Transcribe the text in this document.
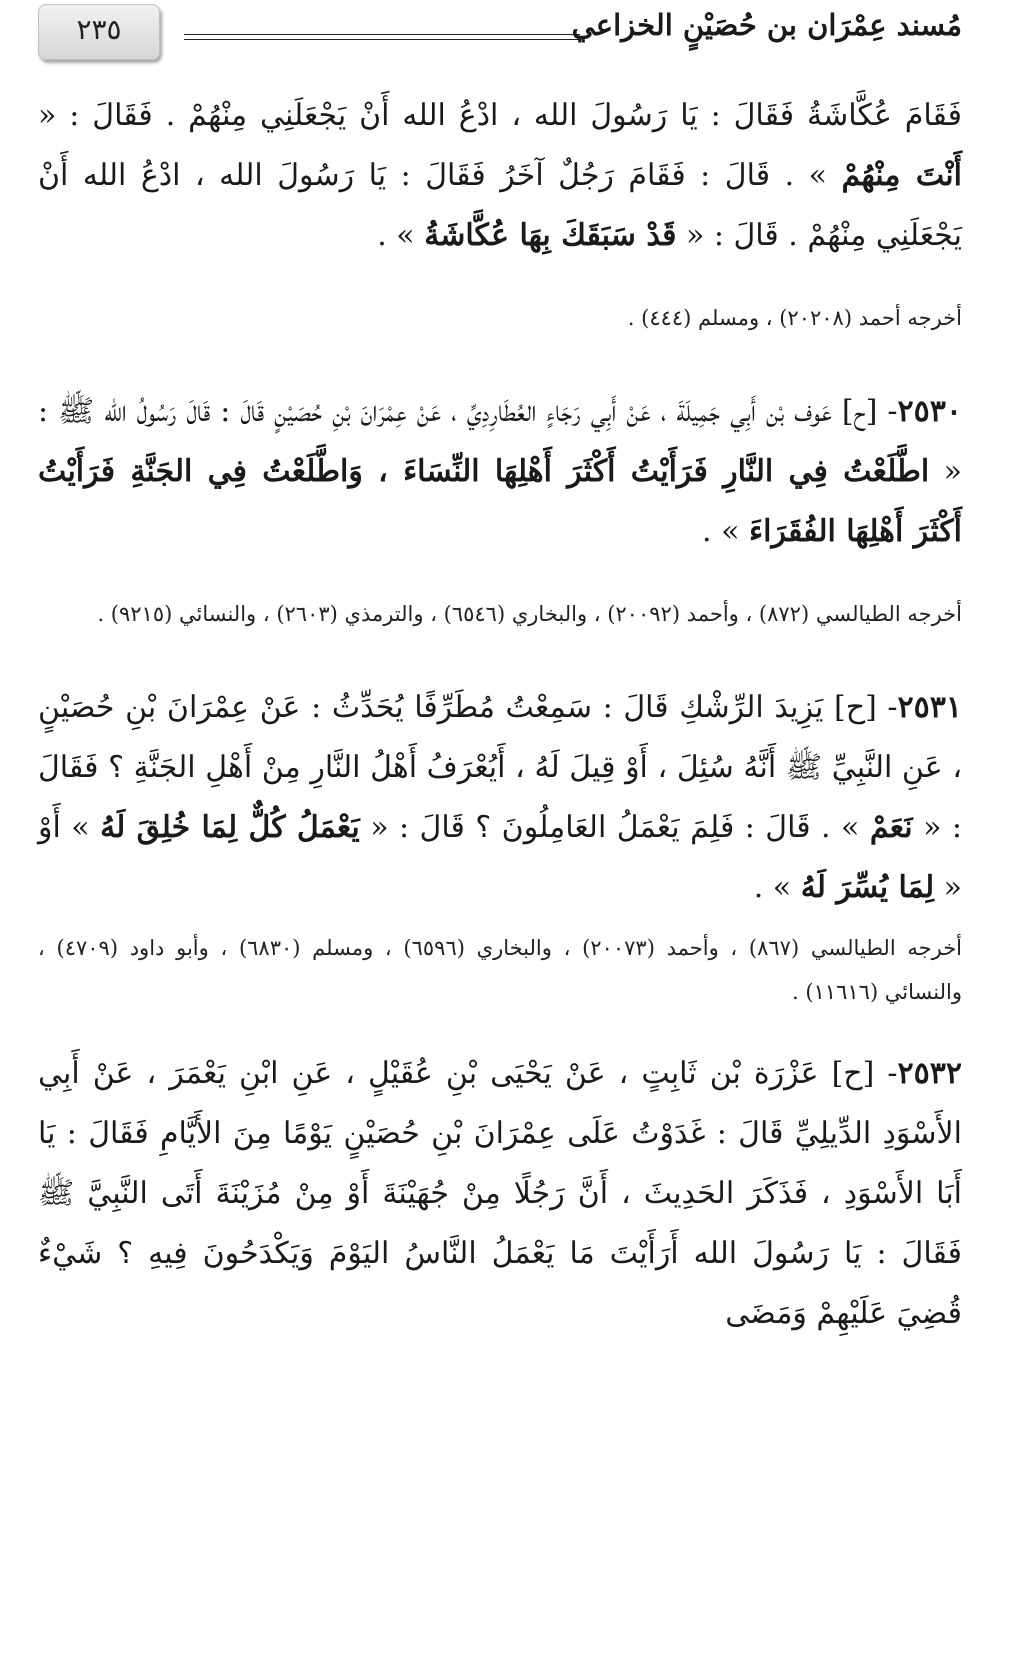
٢٣٥	مُسند عِمْرَان بن حُصَيْنٍ الخزاعي

فَقَامَ عُكَّاشَةُ فَقَالَ : يَا رَسُولَ الله ، ادْعُ الله أَنْ يَجْعَلَنِي مِنْهُمْ . فَقَالَ : « أَنْتَ مِنْهُمْ » . قَالَ : فَقَامَ رَجُلٌ آخَرُ فَقَالَ : يَا رَسُولَ الله ، ادْعُ الله أَنْ يَجْعَلَنِي مِنْهُمْ . قَالَ : « قَدْ سَبَقَكَ بِهَا عُكَّاشَةُ » .

أخرجه أحمد (٢٠٢٠٨) ، ومسلم (٤٤٤) .

٢٥٣٠- [ح] عَوف بْن أَبِي جَمِيلَةَ ، عَنْ أَبِي رَجَاءٍ العُطَارِدِيِّ ، عَنْ عِمْرَانَ بْنِ حُصَيْنٍ قَالَ : قَالَ رَسُولُ الله ﷺ : « اطَّلَعْتُ فِي النَّارِ فَرَأَيْتُ أَكْثَرَ أَهْلِهَا النِّسَاءَ ، وَاطَّلَعْتُ فِي الجَنَّةِ فَرَأَيْتُ أَكْثَرَ أَهْلِهَا الفُقَرَاءَ » .

أخرجه الطيالسي (٨٧٢) ، وأحمد (٢٠٠٩٢) ، والبخاري (٦٥٤٦) ، والترمذي (٢٦٠٣) ، والنسائي (٩٢١٥) .

٢٥٣١- [ح] يَزِيدَ الرِّشْكِ قَالَ : سَمِعْتُ مُطَرِّفًا يُحَدِّثُ : عَنْ عِمْرَانَ بْنِ حُصَيْنٍ ، عَنِ النَّبِيِّ ﷺ أَنَّهُ سُئِلَ ، أَوْ قِيلَ لَهُ ، أَيُعْرَفُ أَهْلُ النَّارِ مِنْ أَهْلِ الجَنَّةِ ؟ فَقَالَ : « نَعَمْ » . قَالَ : فَلِمَ يَعْمَلُ العَامِلُونَ ؟ قَالَ : « يَعْمَلُ كُلٌّ لِمَا خُلِقَ لَهُ » أَوْ « لِمَا يُسِّرَ لَهُ » .

أخرجه الطيالسي (٨٦٧) ، وأحمد (٢٠٠٧٣) ، والبخاري (٦٥٩٦) ، ومسلم (٦٨٣٠) ، وأبو داود (٤٧٠٩) ، والنسائي (١١٦١٦) .

٢٥٣٢- [ح] عَزْرَة بْن ثَابِتٍ ، عَنْ يَحْيَى بْنِ عُقَيْلٍ ، عَنِ ابْنِ يَعْمَرَ ، عَنْ أَبِي الأَسْوَدِ الدِّيلِيِّ قَالَ : غَدَوْتُ عَلَى عِمْرَانَ بْنِ حُصَيْنٍ يَوْمًا مِنَ الأَيَّامِ فَقَالَ : يَا أَبَا الأَسْوَدِ ، فَذَكَرَ الحَدِيثَ ، أَنَّ رَجُلًا مِنْ جُهَيْنَةَ أَوْ مِنْ مُزَيْنَةَ أَتَى النَّبِيَّ ﷺ فَقَالَ : يَا رَسُولَ الله أَرَأَيْتَ مَا يَعْمَلُ النَّاسُ اليَوْمَ وَيَكْدَحُونَ فِيهِ ؟ شَيْءٌ قُضِيَ عَلَيْهِمْ وَمَضَى
